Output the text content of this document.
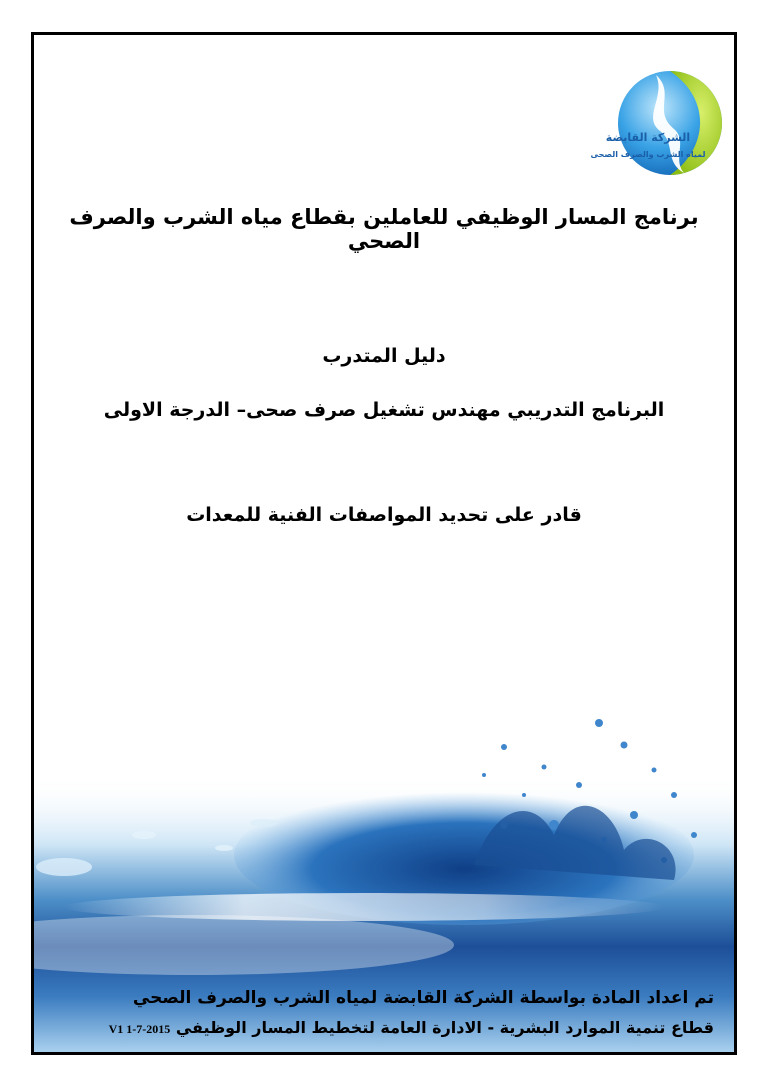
الشركة القابضة
لمياه الشرب والصرف الصحى
برنامج المسار الوظيفي للعاملين بقطاع مياه الشرب والصرف الصحي
دليل المتدرب
البرنامج التدريبي مهندس تشغيل صرف صحى– الدرجة الاولى
قادر على تحديد المواصفات الفنية للمعدات
تم اعداد المادة بواسطة الشركة القابضة لمياه الشرب والصرف الصحي
قطاع تنمية الموارد البشرية - الادارة العامة لتخطيط المسار الوظيفي V1 1-7-2015
